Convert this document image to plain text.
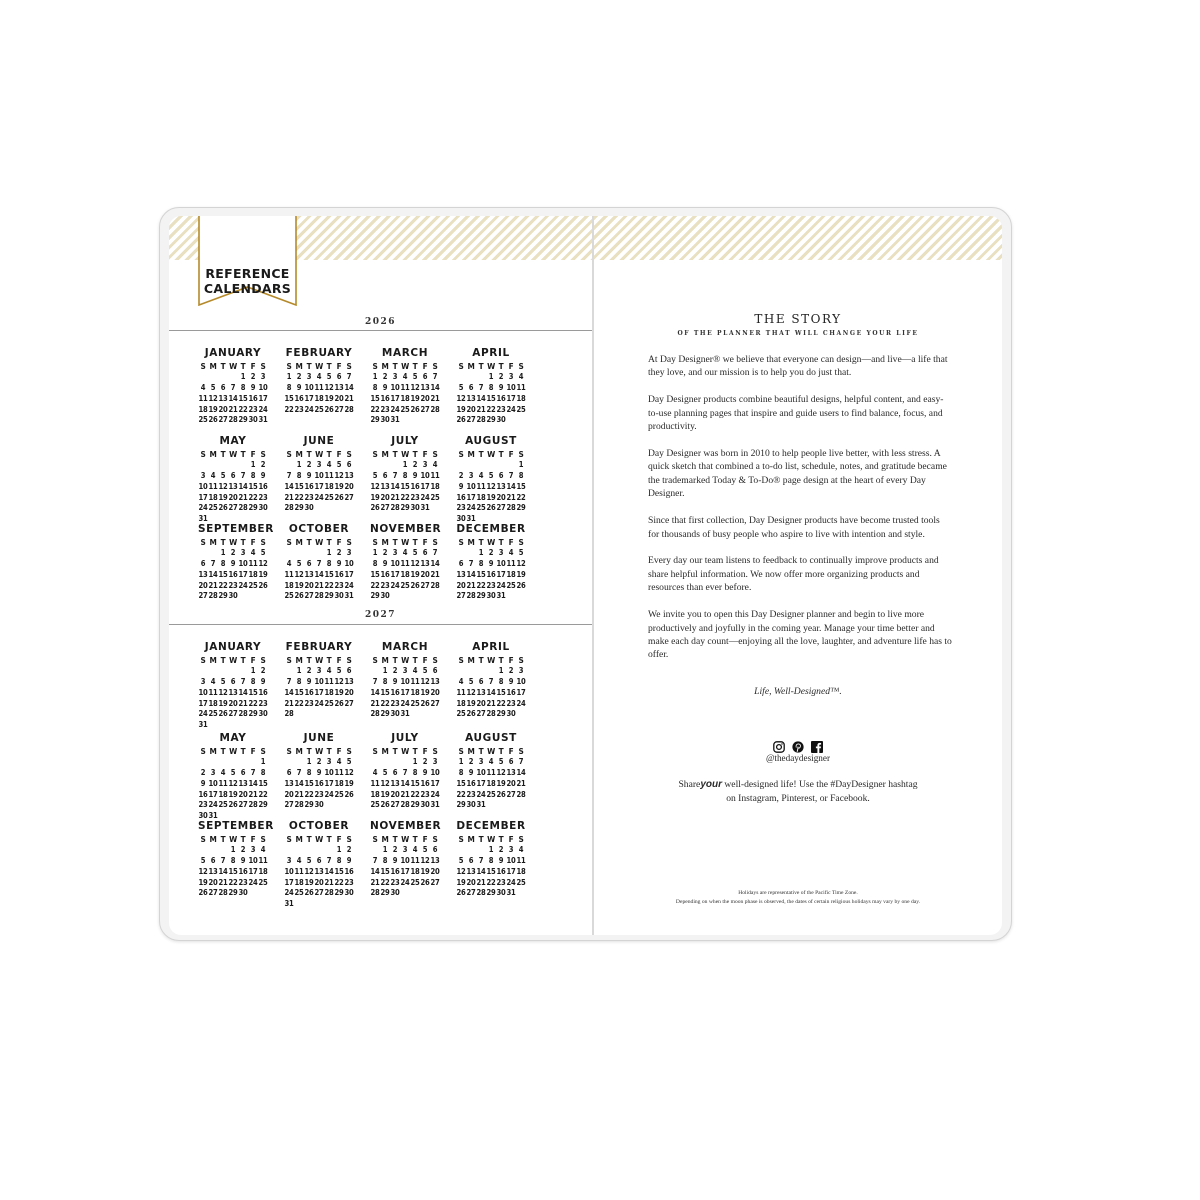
REFERENCE
CALENDARS
2026
2027
JANUARY
S M T W T F S
1 2 3
4 5 6 7 8 9 10
11 12 13 14 15 16 17
18 19 20 21 22 23 24
25 26 27 28 29 30 31
FEBRUARY
S M T W T F S
1 2 3 4 5 6 7
8 9 10 11 12 13 14
15 16 17 18 19 20 21
22 23 24 25 26 27 28
MARCH
S M T W T F S
1 2 3 4 5 6 7
8 9 10 11 12 13 14
15 16 17 18 19 20 21
22 23 24 25 26 27 28
29 30 31
APRIL
S M T W T F S
1 2 3 4
5 6 7 8 9 10 11
12 13 14 15 16 17 18
19 20 21 22 23 24 25
26 27 28 29 30
MAY
S M T W T F S
1 2
3 4 5 6 7 8 9
10 11 12 13 14 15 16
17 18 19 20 21 22 23
24 25 26 27 28 29 30
31
JUNE
S M T W T F S
1 2 3 4 5 6
7 8 9 10 11 12 13
14 15 16 17 18 19 20
21 22 23 24 25 26 27
28 29 30
JULY
S M T W T F S
1 2 3 4
5 6 7 8 9 10 11
12 13 14 15 16 17 18
19 20 21 22 23 24 25
26 27 28 29 30 31
AUGUST
S M T W T F S
1
2 3 4 5 6 7 8
9 10 11 12 13 14 15
16 17 18 19 20 21 22
23 24 25 26 27 28 29
30 31
SEPTEMBER
S M T W T F S
1 2 3 4 5
6 7 8 9 10 11 12
13 14 15 16 17 18 19
20 21 22 23 24 25 26
27 28 29 30
OCTOBER
S M T W T F S
1 2 3
4 5 6 7 8 9 10
11 12 13 14 15 16 17
18 19 20 21 22 23 24
25 26 27 28 29 30 31
NOVEMBER
S M T W T F S
1 2 3 4 5 6 7
8 9 10 11 12 13 14
15 16 17 18 19 20 21
22 23 24 25 26 27 28
29 30
DECEMBER
S M T W T F S
1 2 3 4 5
6 7 8 9 10 11 12
13 14 15 16 17 18 19
20 21 22 23 24 25 26
27 28 29 30 31
JANUARY
S M T W T F S
1 2
3 4 5 6 7 8 9
10 11 12 13 14 15 16
17 18 19 20 21 22 23
24 25 26 27 28 29 30
31
FEBRUARY
S M T W T F S
1 2 3 4 5 6
7 8 9 10 11 12 13
14 15 16 17 18 19 20
21 22 23 24 25 26 27
28
MARCH
S M T W T F S
1 2 3 4 5 6
7 8 9 10 11 12 13
14 15 16 17 18 19 20
21 22 23 24 25 26 27
28 29 30 31
APRIL
S M T W T F S
1 2 3
4 5 6 7 8 9 10
11 12 13 14 15 16 17
18 19 20 21 22 23 24
25 26 27 28 29 30
MAY
S M T W T F S
1
2 3 4 5 6 7 8
9 10 11 12 13 14 15
16 17 18 19 20 21 22
23 24 25 26 27 28 29
30 31
JUNE
S M T W T F S
1 2 3 4 5
6 7 8 9 10 11 12
13 14 15 16 17 18 19
20 21 22 23 24 25 26
27 28 29 30
JULY
S M T W T F S
1 2 3
4 5 6 7 8 9 10
11 12 13 14 15 16 17
18 19 20 21 22 23 24
25 26 27 28 29 30 31
AUGUST
S M T W T F S
1 2 3 4 5 6 7
8 9 10 11 12 13 14
15 16 17 18 19 20 21
22 23 24 25 26 27 28
29 30 31
SEPTEMBER
S M T W T F S
1 2 3 4
5 6 7 8 9 10 11
12 13 14 15 16 17 18
19 20 21 22 23 24 25
26 27 28 29 30
OCTOBER
S M T W T F S
1 2
3 4 5 6 7 8 9
10 11 12 13 14 15 16
17 18 19 20 21 22 23
24 25 26 27 28 29 30
31
NOVEMBER
S M T W T F S
1 2 3 4 5 6
7 8 9 10 11 12 13
14 15 16 17 18 19 20
21 22 23 24 25 26 27
28 29 30
DECEMBER
S M T W T F S
1 2 3 4
5 6 7 8 9 10 11
12 13 14 15 16 17 18
19 20 21 22 23 24 25
26 27 28 29 30 31
THE STORY
OF THE PLANNER THAT WILL CHANGE YOUR LIFE

At Day Designer® we believe that everyone can design—and live—a life that they love, and our mission is to help you do just that.

Day Designer products combine beautiful designs, helpful content, and easy-to-use planning pages that inspire and guide users to find balance, focus, and productivity.

Day Designer was born in 2010 to help people live better, with less stress. A quick sketch that combined a to-do list, schedule, notes, and gratitude became the trademarked Today & To-Do® page design at the heart of every Day Designer.

Since that first collection, Day Designer products have become trusted tools for thousands of busy people who aspire to live with intention and style.

Every day our team listens to feedback to continually improve products and share helpful information. We now offer more organizing products and resources than ever before.

We invite you to open this Day Designer planner and begin to live more productively and joyfully in the coming year. Manage your time better and make each day count—enjoying all the love, laughter, and adventure life has to offer.

Life, Well-Designed™.

@thedaydesigner
Shareyour well-designed life! Use the #DayDesigner hashtag
on Instagram, Pinterest, or Facebook.
Holidays are representative of the Pacific Time Zone.
Depending on when the moon phase is observed, the dates of certain religious holidays may vary by one day.
